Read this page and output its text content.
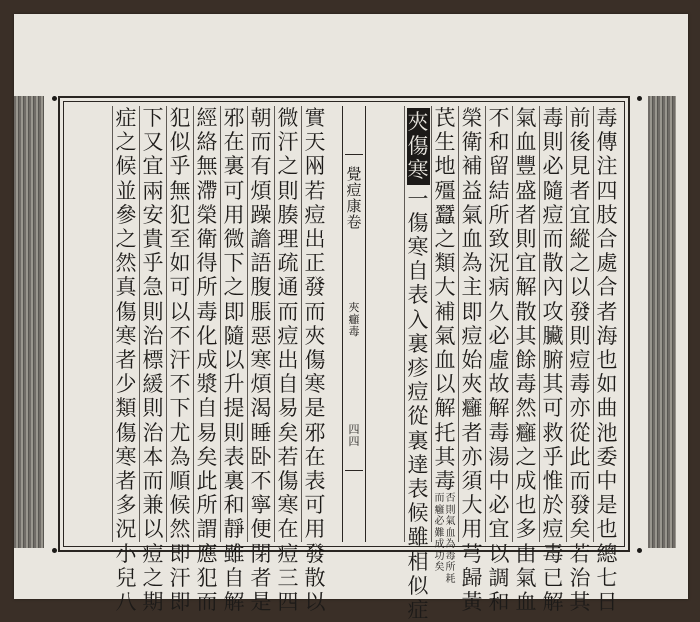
毒
傳
注
四
肢
合
處
合
者
海
也
如
曲
池
委
中
是
也
總
七
日
前
後
見
者
宜
縱
之
以
發
則
痘
毒
亦
從
此
而
發
矣
若
治
其
毒
則
必
隨
痘
而
散
內
攻
臟
腑
其
可
救
乎
惟
於
痘
毒
已
解
氣
血
豐
盛
者
則
宜
解
散
其
餘
毒
然
癰
之
成
也
多
由
氣
血
不
和
留
結
所
致
況
病
久
必
虛
故
解
毒
湯
中
必
宜
以
調
和
榮
衛
補
益
氣
血
為
主
即
痘
始
夾
癰
者
亦
須
大
用
芎
歸
黃
芪
生
地
殭
蠶
之
類
大
補
氣
血
以
解
托
其
毒
否
則
氣
血
為
毒
所
耗
而
癰
必
難
成
功
矣
夾
傷
寒
一
傷
寒
自
表
入
裏
疹
痘
從
裏
達
表
候
雖
相
似
症
覺
痘
康
卷
夾
癰
毒
四
四
實
天
㒳
若
痘
出
正
發
而
夾
傷
寒
是
邪
在
表
可
用
發
散
以
微
汗
之
則
腠
理
疏
通
而
痘
出
自
易
矣
若
傷
寒
在
痘
三
四
朝
而
有
煩
躁
譫
語
腹
脹
惡
寒
煩
渴
睡
卧
不
寧
便
閉
者
是
邪
在
裏
可
用
微
下
之
即
隨
以
升
提
則
表
裏
和
靜
雖
自
解
經
絡
無
滯
榮
衛
得
所
毒
化
成
漿
自
易
矣
此
所
謂
應
犯
而
犯
似
乎
無
犯
至
如
可
以
不
汗
不
下
尤
為
順
候
然
即
汗
即
下
又
宜
兩
安
貴
乎
急
則
治
標
緩
則
治
本
而
兼
以
痘
之
期
症
之
候
並
參
之
然
真
傷
寒
者
少
類
傷
寒
者
多
況
小
兒
八
